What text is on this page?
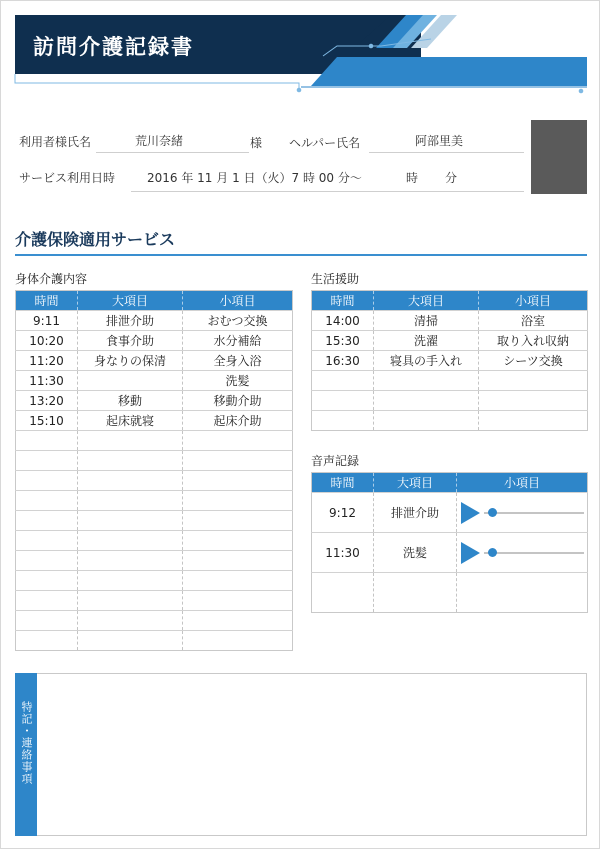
訪問介護記録書
利用者様氏名	荒川奈緒	様 ヘルパー氏名	阿部里美
サービス利用日時	2016 年 11 月 1 日（火）7 時 00 分〜	時 分
介護保険適用サービス
身体介護内容
時間	大項目	小項目
9:11	排泄介助	おむつ交換
10:20	食事介助	水分補給
11:20	身なりの保清	全身入浴
11:30		洗髪
13:20	移動	移動介助
15:10	起床就寝	起床介助

生活援助
時間	大項目	小項目
14:00	清掃	浴室
15:30	洗濯	取り入れ収納
16:30	寝具の手入れ	シーツ交換

音声記録
時間	大項目	小項目
9:12	排泄介助	

11:30	洗髪	

特記・連絡事項
